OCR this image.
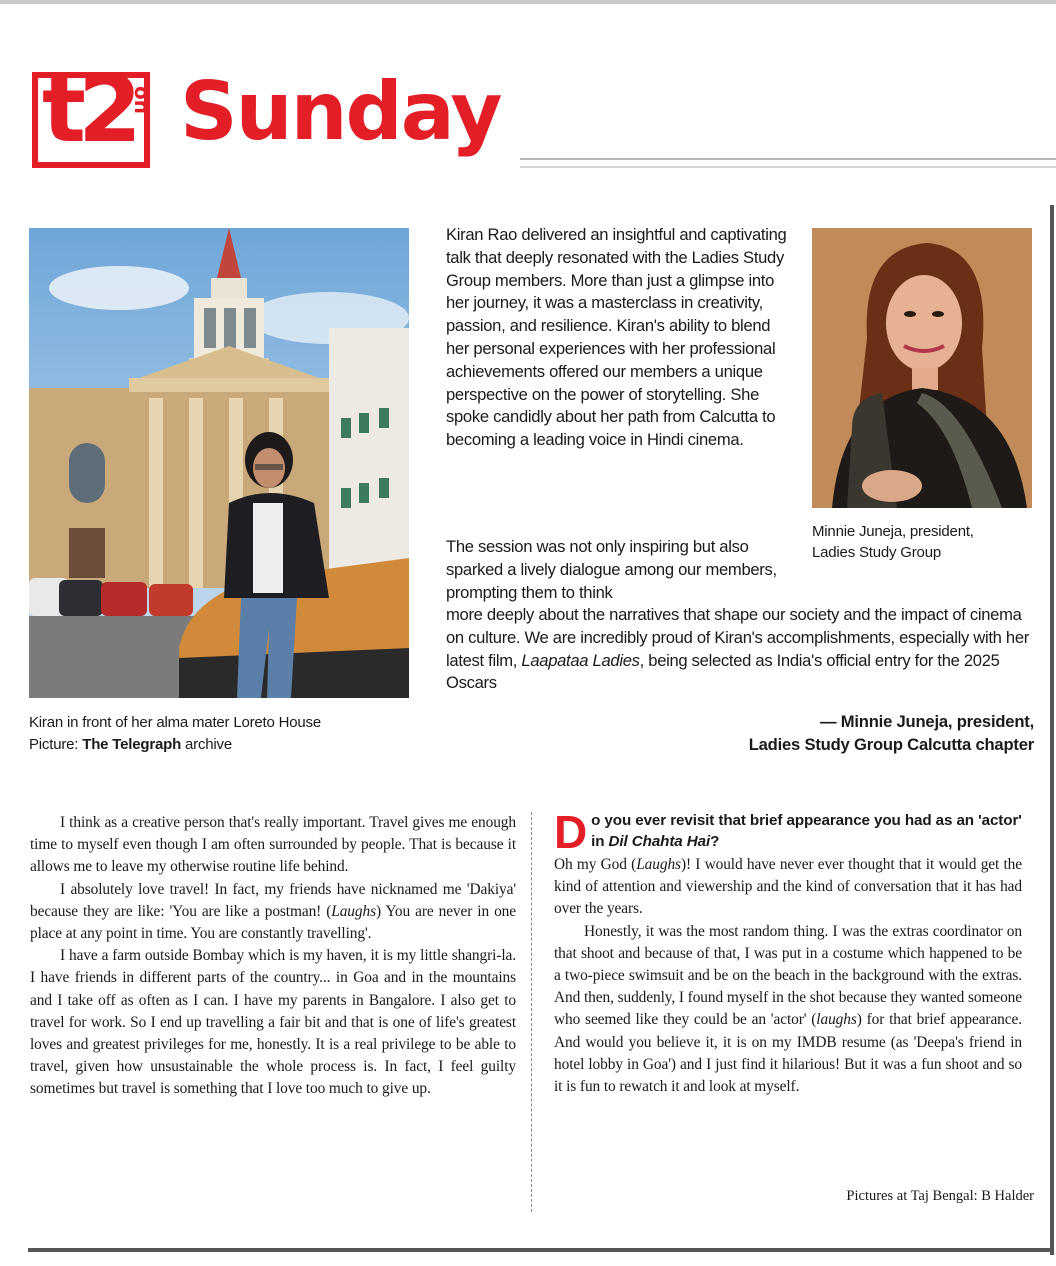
t2
on Sunday
Kiran Rao delivered an insightful and captivating talk that deeply resonated with the Ladies Study Group members. More than just a glimpse into her journey, it was a masterclass in creativity, passion, and resilience. Kiran's ability to blend her personal experiences with her professional achievements offered our members a unique perspective on the power of storytelling. She spoke candidly about her path from Calcutta to becoming a leading voice in Hindi cinema.
The session was not only inspiring but also sparked a lively dialogue among our members, prompting them to think
more deeply about the narratives that shape our society and the impact of cinema on culture. We are incredibly proud of Kiran's accomplishments, especially with her latest film, Laapataa Ladies, being selected as India's official entry for the 2025 Oscars
Minnie Juneja, president,
Ladies Study Group
Kiran in front of her alma mater Loreto House
Picture: The Telegraph archive
— Minnie Juneja, president,
Ladies Study Group Calcutta chapter

I think as a creative person that's really important. Travel gives me enough time to myself even though I am often surrounded by people. That is because it allows me to leave my otherwise routine life behind.

I absolutely love travel! In fact, my friends have nicknamed me 'Dakiya' because they are like: 'You are like a postman! (Laughs) You are never in one place at any point in time. You are constantly travelling'.

I have a farm outside Bombay which is my haven, it is my little shangri-la. I have friends in different parts of the country... in Goa and in the mountains and I take off as often as I can. I have my parents in Bangalore. I also get to travel for work. So I end up travelling a fair bit and that is one of life's greatest loves and greatest privileges for me, honestly. It is a real privilege to be able to travel, given how unsustainable the whole process is. In fact, I feel guilty sometimes but travel is something that I love too much to give up.

Do you ever revisit that brief appearance you had as an 'actor' in Dil Chahta Hai?

Oh my God (Laughs)! I would have never ever thought that it would get the kind of attention and viewership and the kind of conversation that it has had over the years.

Honestly, it was the most random thing. I was the extras coordinator on that shoot and because of that, I was put in a costume which happened to be a two-piece swimsuit and be on the beach in the background with the extras. And then, suddenly, I found myself in the shot because they wanted someone who seemed like they could be an 'actor' (laughs) for that brief appearance. And would you believe it, it is on my IMDB resume (as 'Deepa's friend in hotel lobby in Goa') and I just find it hilarious! But it was a fun shoot and so it is fun to rewatch it and look at myself.

Pictures at Taj Bengal: B Halder
